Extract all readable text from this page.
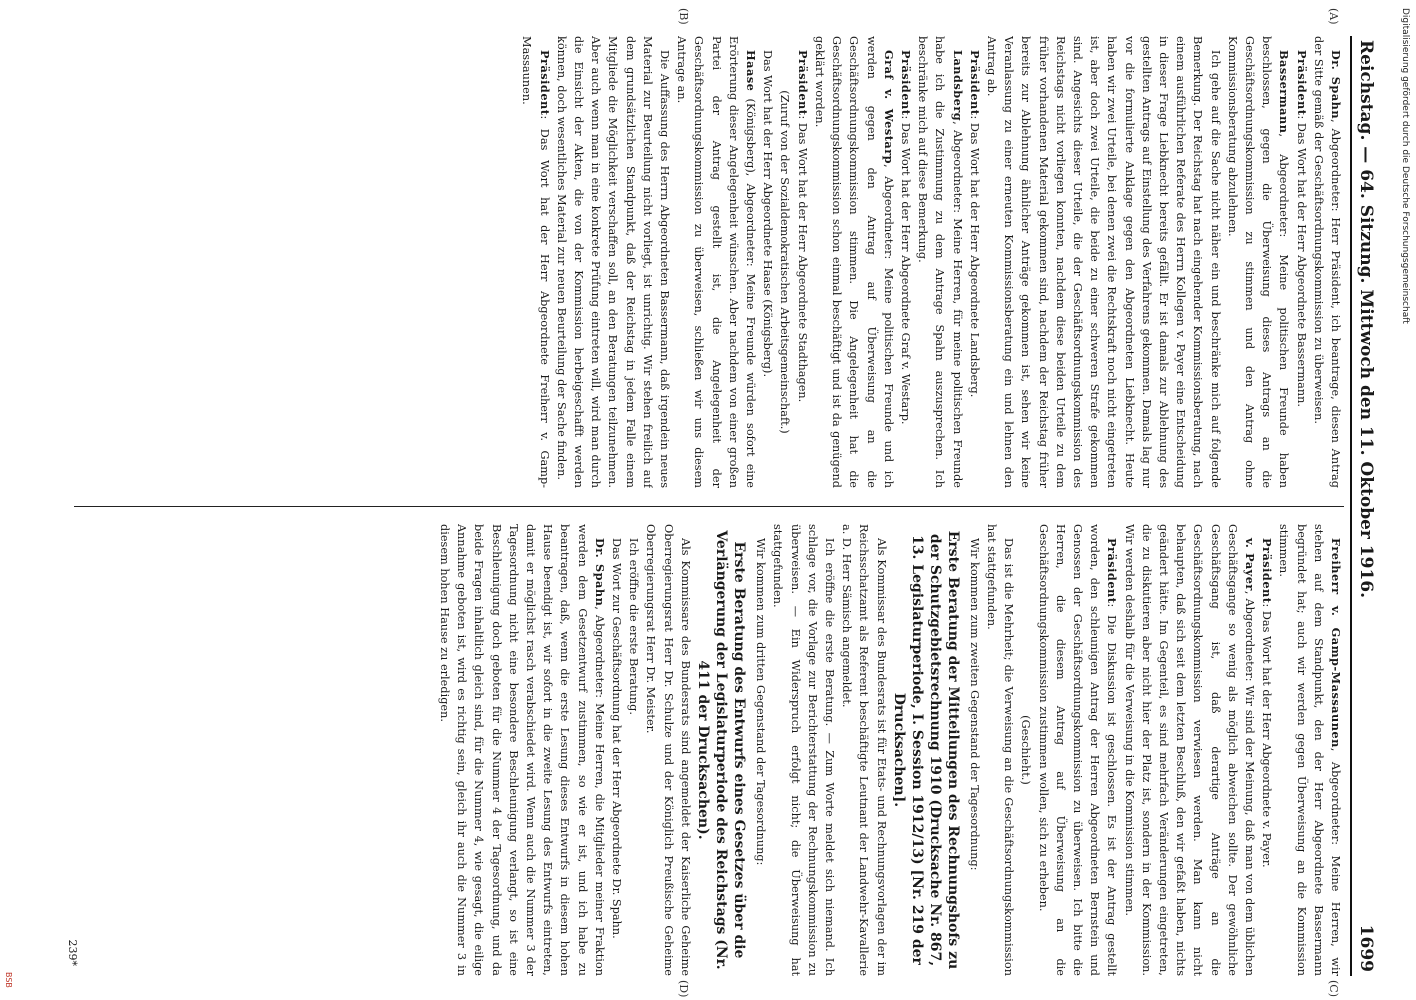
Reichstag. — 64. Sitzung. Mittwoch den 11. Oktober 1916.
1699

Dr. Spahn, Abgeordneter: Herr Präsident, ich beantrage, diesen Antrag der Sitte gemäß der Geschäftsordnungskommission zu überweisen.

Präsident: Das Wort hat der Herr Abgeordnete Bassermann.

Bassermann, Abgeordneter: Meine politischen Freunde haben beschlossen, gegen die Überweisung dieses Antrags an die Geschäftsordnungskommission zu stimmen und den Antrag ohne Kommissionsberatung abzulehnen.

Ich gehe auf die Sache nicht näher ein und beschränke mich auf folgende Bemerkung. Der Reichstag hat nach eingehender Kommissionsberatung, nach einem ausführlichen Referate des Herrn Kollegen v. Payer eine Entscheidung in dieser Frage Liebknecht bereits gefällt. Er ist damals zur Ablehnung des gestellten Antrags auf Einstellung des Verfahrens gekommen. Damals lag nur vor die formulierte Anklage gegen den Abgeordneten Liebknecht. Heute haben wir zwei Urteile, bei denen zwei die Rechtskraft noch nicht eingetreten ist, aber doch zwei Urteile, die beide zu einer schweren Strafe gekommen sind. Angesichts dieser Urteile, die der Geschäftsordnungskommission des Reichstags nicht vorliegen konnten, nachdem diese beiden Urteile zu dem früher vorhandenen Material gekommen sind, nachdem der Reichstag früher bereits zur Ablehnung ähnlicher Anträge gekommen ist, sehen wir keine Veranlassung zu einer erneuten Kommissionsberatung ein und lehnen den Antrag ab.

Präsident: Das Wort hat der Herr Abgeordnete Landsberg.

Landsberg, Abgeordneter: Meine Herren, für meine politischen Freunde habe ich die Zustimmung zu dem Antrage Spahn auszusprechen. Ich beschränke mich auf diese Bemerkung.

Präsident: Das Wort hat der Herr Abgeordnete Graf v. Westarp.

Graf v. Westarp, Abgeordneter: Meine politischen Freunde und ich werden gegen den Antrag auf Überweisung an die Geschäftsordnungskommission stimmen. Die Angelegenheit hat die Geschäftsordnungskommission schon einmal beschäftigt und ist da genügend geklärt worden.

Präsident: Das Wort hat der Herr Abgeordnete Stadthagen.

(Zuruf von der Sozialdemokratischen Arbeitsgemeinschaft.)

Das Wort hat der Herr Abgeordnete Haase (Königsberg).

Haase (Königsberg), Abgeordneter: Meine Freunde würden sofort eine Erörterung dieser Angelegenheit wünschen. Aber nachdem von einer großen Partei der Antrag gestellt ist, die Angelegenheit der Geschäftsordnungskommission zu überweisen, schließen wir uns diesem Antrage an.

Die Auffassung des Herrn Abgeordneten Bassermann, daß irgendein neues Material zur Beurteilung nicht vorliegt, ist unrichtig. Wir stehen freilich auf dem grundsätzlichen Standpunkt, daß der Reichstag in jedem Falle einem Mitgliede die Möglichkeit verschaffen soll, an den Beratungen teilzunehmen. Aber auch wenn man in eine konkrete Prüfung eintreten will, wird man durch die Einsicht der Akten, die von der Kommission herbeigeschafft werden können, doch wesentliches Material zur neuen Beurteilung der Sache finden.

Präsident: Das Wort hat der Herr Abgeordnete Freiherr v. Gamp-Massaunen.

Freiherr v. Gamp-Massaunen, Abgeordneter: Meine Herren, wir stehen auf dem Standpunkt, den der Herr Abgeordnete Bassermann begründet hat; auch wir werden gegen Überweisung an die Kommission stimmen.

Präsident: Das Wort hat der Herr Abgeordnete v. Payer.

v. Payer, Abgeordneter: Wir sind der Meinung, daß man von dem üblichen Geschäftsgange so wenig als möglich abweichen sollte. Der gewöhnliche Geschäftsgang ist, daß derartige Anträge an die Geschäftsordnungskommission verwiesen werden. Man kann nicht behaupten, daß sich seit dem letzten Beschluß, den wir gefaßt haben, nichts geändert hätte. Im Gegenteil, es sind mehrfach Veränderungen eingetreten, die zu diskutieren aber nicht hier der Platz ist, sondern in der Kommission. Wir werden deshalb für die Verweisung in die Kommission stimmen.

Präsident: Die Diskussion ist geschlossen. Es ist der Antrag gestellt worden, den schleunigen Antrag der Herren Abgeordneten Bernstein und Genossen der Geschäftsordnungskommission zu überweisen. Ich bitte die Herren, die diesem Antrag auf Überweisung an die Geschäftsordnungskommission zustimmen wollen, sich zu erheben.

(Geschieht.)

Das ist die Mehrheit; die Verweisung an die Geschäftsordnungskommission hat stattgefunden.

Wir kommen zum zweiten Gegenstand der Tagesordnung:

Erste Beratung der Mitteilungen des Rechnungshofs zu der Schutzgebietsrechnung 1910 (Drucksache Nr. 867, 13. Legislaturperiode, I. Session 1912/13) [Nr. 219 der Drucksachen].

Als Kommissar des Bundesrats ist für Etats- und Rechnungsvorlagen der im Reichsschatzamt als Referent beschäftigte Leutnant der Landwehr-Kavallerie a. D. Herr Sämisch angemeldet.

Ich eröffne die erste Beratung. — Zum Worte meldet sich niemand. Ich schlage vor, die Vorlage zur Berichterstattung der Rechnungskommission zu überweisen. — Ein Widerspruch erfolgt nicht; die Überweisung hat stattgefunden.

Wir kommen zum dritten Gegenstand der Tagesordnung:

Erste Beratung des Entwurfs eines Gesetzes über die Verlängerung der Legislaturperiode des Reichstags (Nr. 411 der Drucksachen).

Als Kommissare des Bundesrats sind angemeldet der Kaiserliche Geheime Oberregierungsrat Herr Dr. Schulze und der Königlich Preußische Geheime Oberregierungsrat Herr Dr. Meister.

Ich eröffne die erste Beratung.

Das Wort zur Geschäftsordnung hat der Herr Abgeordnete Dr. Spahn.

Dr. Spahn, Abgeordneter: Meine Herren, die Mitglieder meiner Fraktion werden dem Gesetzentwurf zustimmen, so wie er ist, und ich habe zu beantragen, daß, wenn die erste Lesung dieses Entwurfs in diesem hohen Hause beendigt ist, wir sofort in die zweite Lesung des Entwurfs eintreten, damit er möglichst rasch verabschiedet wird. Wenn auch die Nummer 3 der Tagesordnung nicht eine besondere Beschleunigung verlangt, so ist eine Beschleunigung doch geboten für die Nummer 4 der Tagesordnung, und da beide Fragen inhaltlich gleich sind, für die Nummer 4, wie gesagt, die eilige Annahme geboten ist, wird es richtig sein, gleich ihr auch die Nummer 3 in diesem hohen Hause zu erledigen.

(A)
(B)
(C)
(D)
239*
Digitalisierung gefördert durch die Deutsche Forschungsgemeinschaft
BSB
